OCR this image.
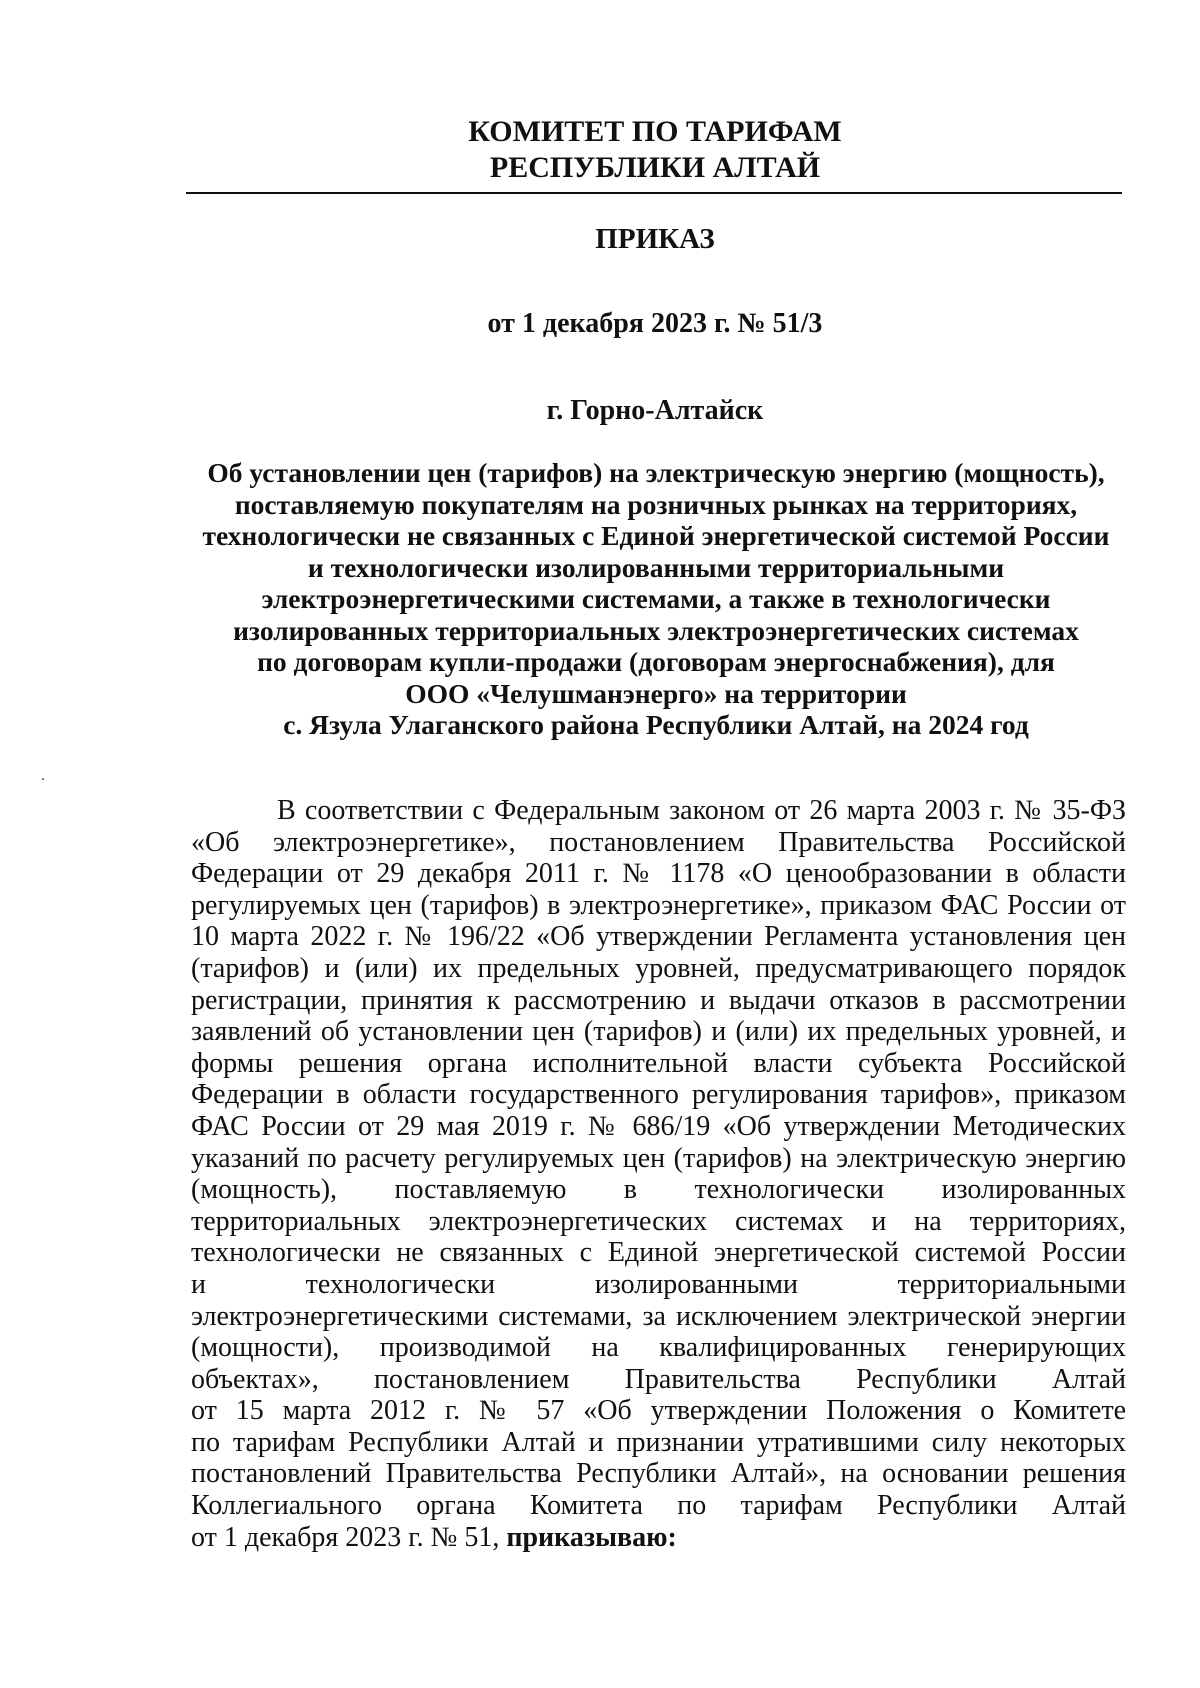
КОМИТЕТ ПО ТАРИФАМ
РЕСПУБЛИКИ АЛТАЙ
ПРИКАЗ
от 1 декабря 2023 г. № 51/3
г. Горно-Алтайск
Об установлении цен (тарифов) на электрическую энергию (мощность),
поставляемую покупателям на розничных рынках на территориях,
технологически не связанных с Единой энергетической системой России
и технологически изолированными территориальными
электроэнергетическими системами, а также в технологически
изолированных территориальных электроэнергетических системах
по договорам купли-продажи (договорам энергоснабжения), для
ООО «Челушманэнерго» на территории
с. Язула Улаганского района Республики Алтай, на 2024 год
В соответствии с Федеральным законом от 26 марта 2003 г. № 35-ФЗ
«Об электроэнергетике», постановлением Правительства Российской
Федерации от 29 декабря 2011 г. № 1178 «О ценообразовании в области
регулируемых цен (тарифов) в электроэнергетике», приказом ФАС России от
10 марта 2022 г. № 196/22 «Об утверждении Регламента установления цен
(тарифов) и (или) их предельных уровней, предусматривающего порядок
регистрации, принятия к рассмотрению и выдачи отказов в рассмотрении
заявлений об установлении цен (тарифов) и (или) их предельных уровней, и
формы решения органа исполнительной власти субъекта Российской
Федерации в области государственного регулирования тарифов», приказом
ФАС России от 29 мая 2019 г. № 686/19 «Об утверждении Методических
указаний по расчету регулируемых цен (тарифов) на электрическую энергию
(мощность), поставляемую в технологически изолированных
территориальных электроэнергетических системах и на территориях,
технологически не связанных с Единой энергетической системой России
и технологически изолированными территориальными
электроэнергетическими системами, за исключением электрической энергии
(мощности), производимой на квалифицированных генерирующих
объектах», постановлением Правительства Республики Алтай
от 15 марта 2012 г. № 57 «Об утверждении Положения о Комитете
по тарифам Республики Алтай и признании утратившими силу некоторых
постановлений Правительства Республики Алтай», на основании решения
Коллегиального органа Комитета по тарифам Республики Алтай
от 1 декабря 2023 г. № 51, приказываю:
